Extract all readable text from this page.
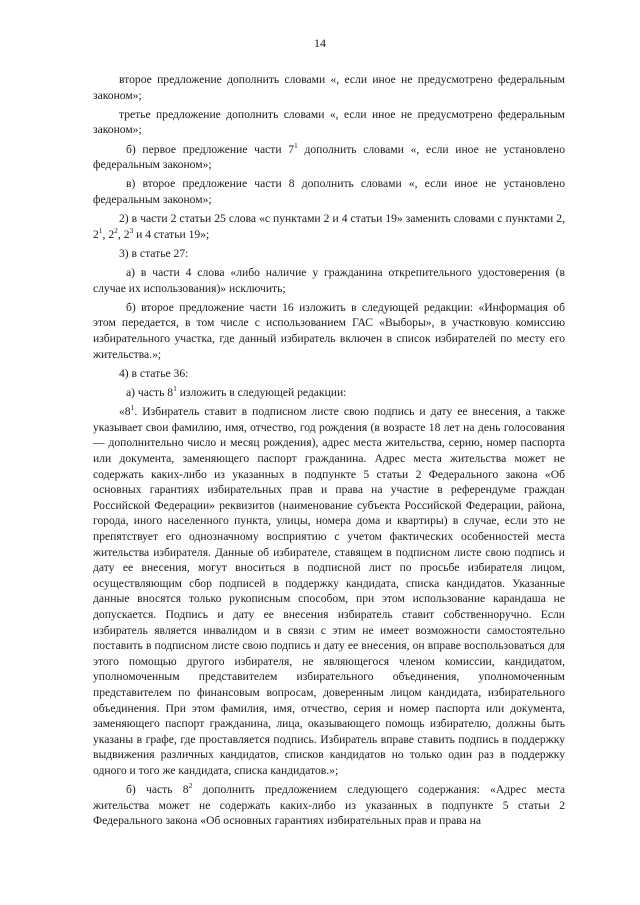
14

второе предложение дополнить словами «, если иное не предусмотрено федеральным законом»;

третье предложение дополнить словами «, если иное не предусмотрено федеральным законом»;

б) первое предложение части $7^1$ дополнить словами «, если иное не установлено федеральным законом»;

в) второе предложение части 8 дополнить словами «, если иное не установлено федеральным законом»;

2) в части 2 статьи 25 слова «с пунктами 2 и 4 статьи 19» заменить словами с пунктами 2, $2^1$, $2^2$, $2^3$ и 4 статьи 19»;

3) в статье 27:

а) в части 4 слова «либо наличие у гражданина открепительного удостоверения (в случае их использования)» исключить;

б) второе предложение части 16 изложить в следующей редакции: «Информация об этом передается, в том числе с использованием ГАС «Выборы», в участковую комиссию избирательного участка, где данный избиратель включен в список избирателей по месту его жительства.»;

4) в статье 36:

а) часть $8^1$ изложить в следующей редакции:

«$8^1$. Избиратель ставит в подписном листе свою подпись и дату ее внесения, а также указывает свои фамилию, имя, отчество, год рождения (в возрасте 18 лет на день голосования — дополнительно число и месяц рождения), адрес места жительства, серию, номер паспорта или документа, заменяющего паспорт гражданина. Адрес места жительства может не содержать каких-либо из указанных в подпункте 5 статьи 2 Федерального закона «Об основных гарантиях избирательных прав и права на участие в референдуме граждан Российской Федерации» реквизитов (наименование субъекта Российской Федерации, района, города, иного населенного пункта, улицы, номера дома и квартиры) в случае, если это не препятствует его однозначному восприятию с учетом фактических особенностей места жительства избирателя. Данные об избирателе, ставящем в подписном листе свою подпись и дату ее внесения, могут вноситься в подписной лист по просьбе избирателя лицом, осуществляющим сбор подписей в поддержку кандидата, списка кандидатов. Указанные данные вносятся только рукописным способом, при этом использование карандаша не допускается. Подпись и дату ее внесения избиратель ставит собственноручно. Если избиратель является инвалидом и в связи с этим не имеет возможности самостоятельно поставить в подписном листе свою подпись и дату ее внесения, он вправе воспользоваться для этого помощью другого избирателя, не являющегося членом комиссии, кандидатом, уполномоченным представителем избирательного объединения, уполномоченным представителем по финансовым вопросам, доверенным лицом кандидата, избирательного объединения. При этом фамилия, имя, отчество, серия и номер паспорта или документа, заменяющего паспорт гражданина, лица, оказывающего помощь избирателю, должны быть указаны в графе, где проставляется подпись. Избиратель вправе ставить подпись в поддержку выдвижения различных кандидатов, списков кандидатов но только один раз в поддержку одного и того же кандидата, списка кандидатов.»;

б) часть $8^2$ дополнить предложением следующего содержания: «Адрес места жительства может не содержать каких-либо из указанных в подпункте 5 статьи 2 Федерального закона «Об основных гарантиях избирательных прав и права на
